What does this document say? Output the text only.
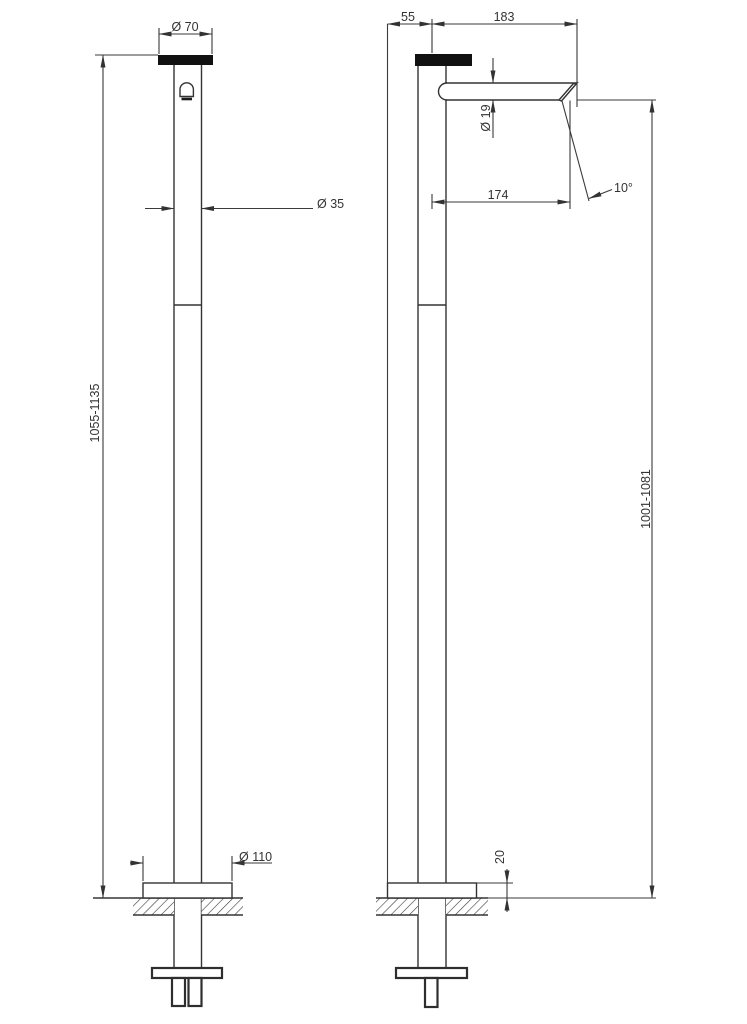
Ø 70
Ø 35
1055-1135
Ø 110
55	183
Ø 19
174	10°
1001-1081
20
